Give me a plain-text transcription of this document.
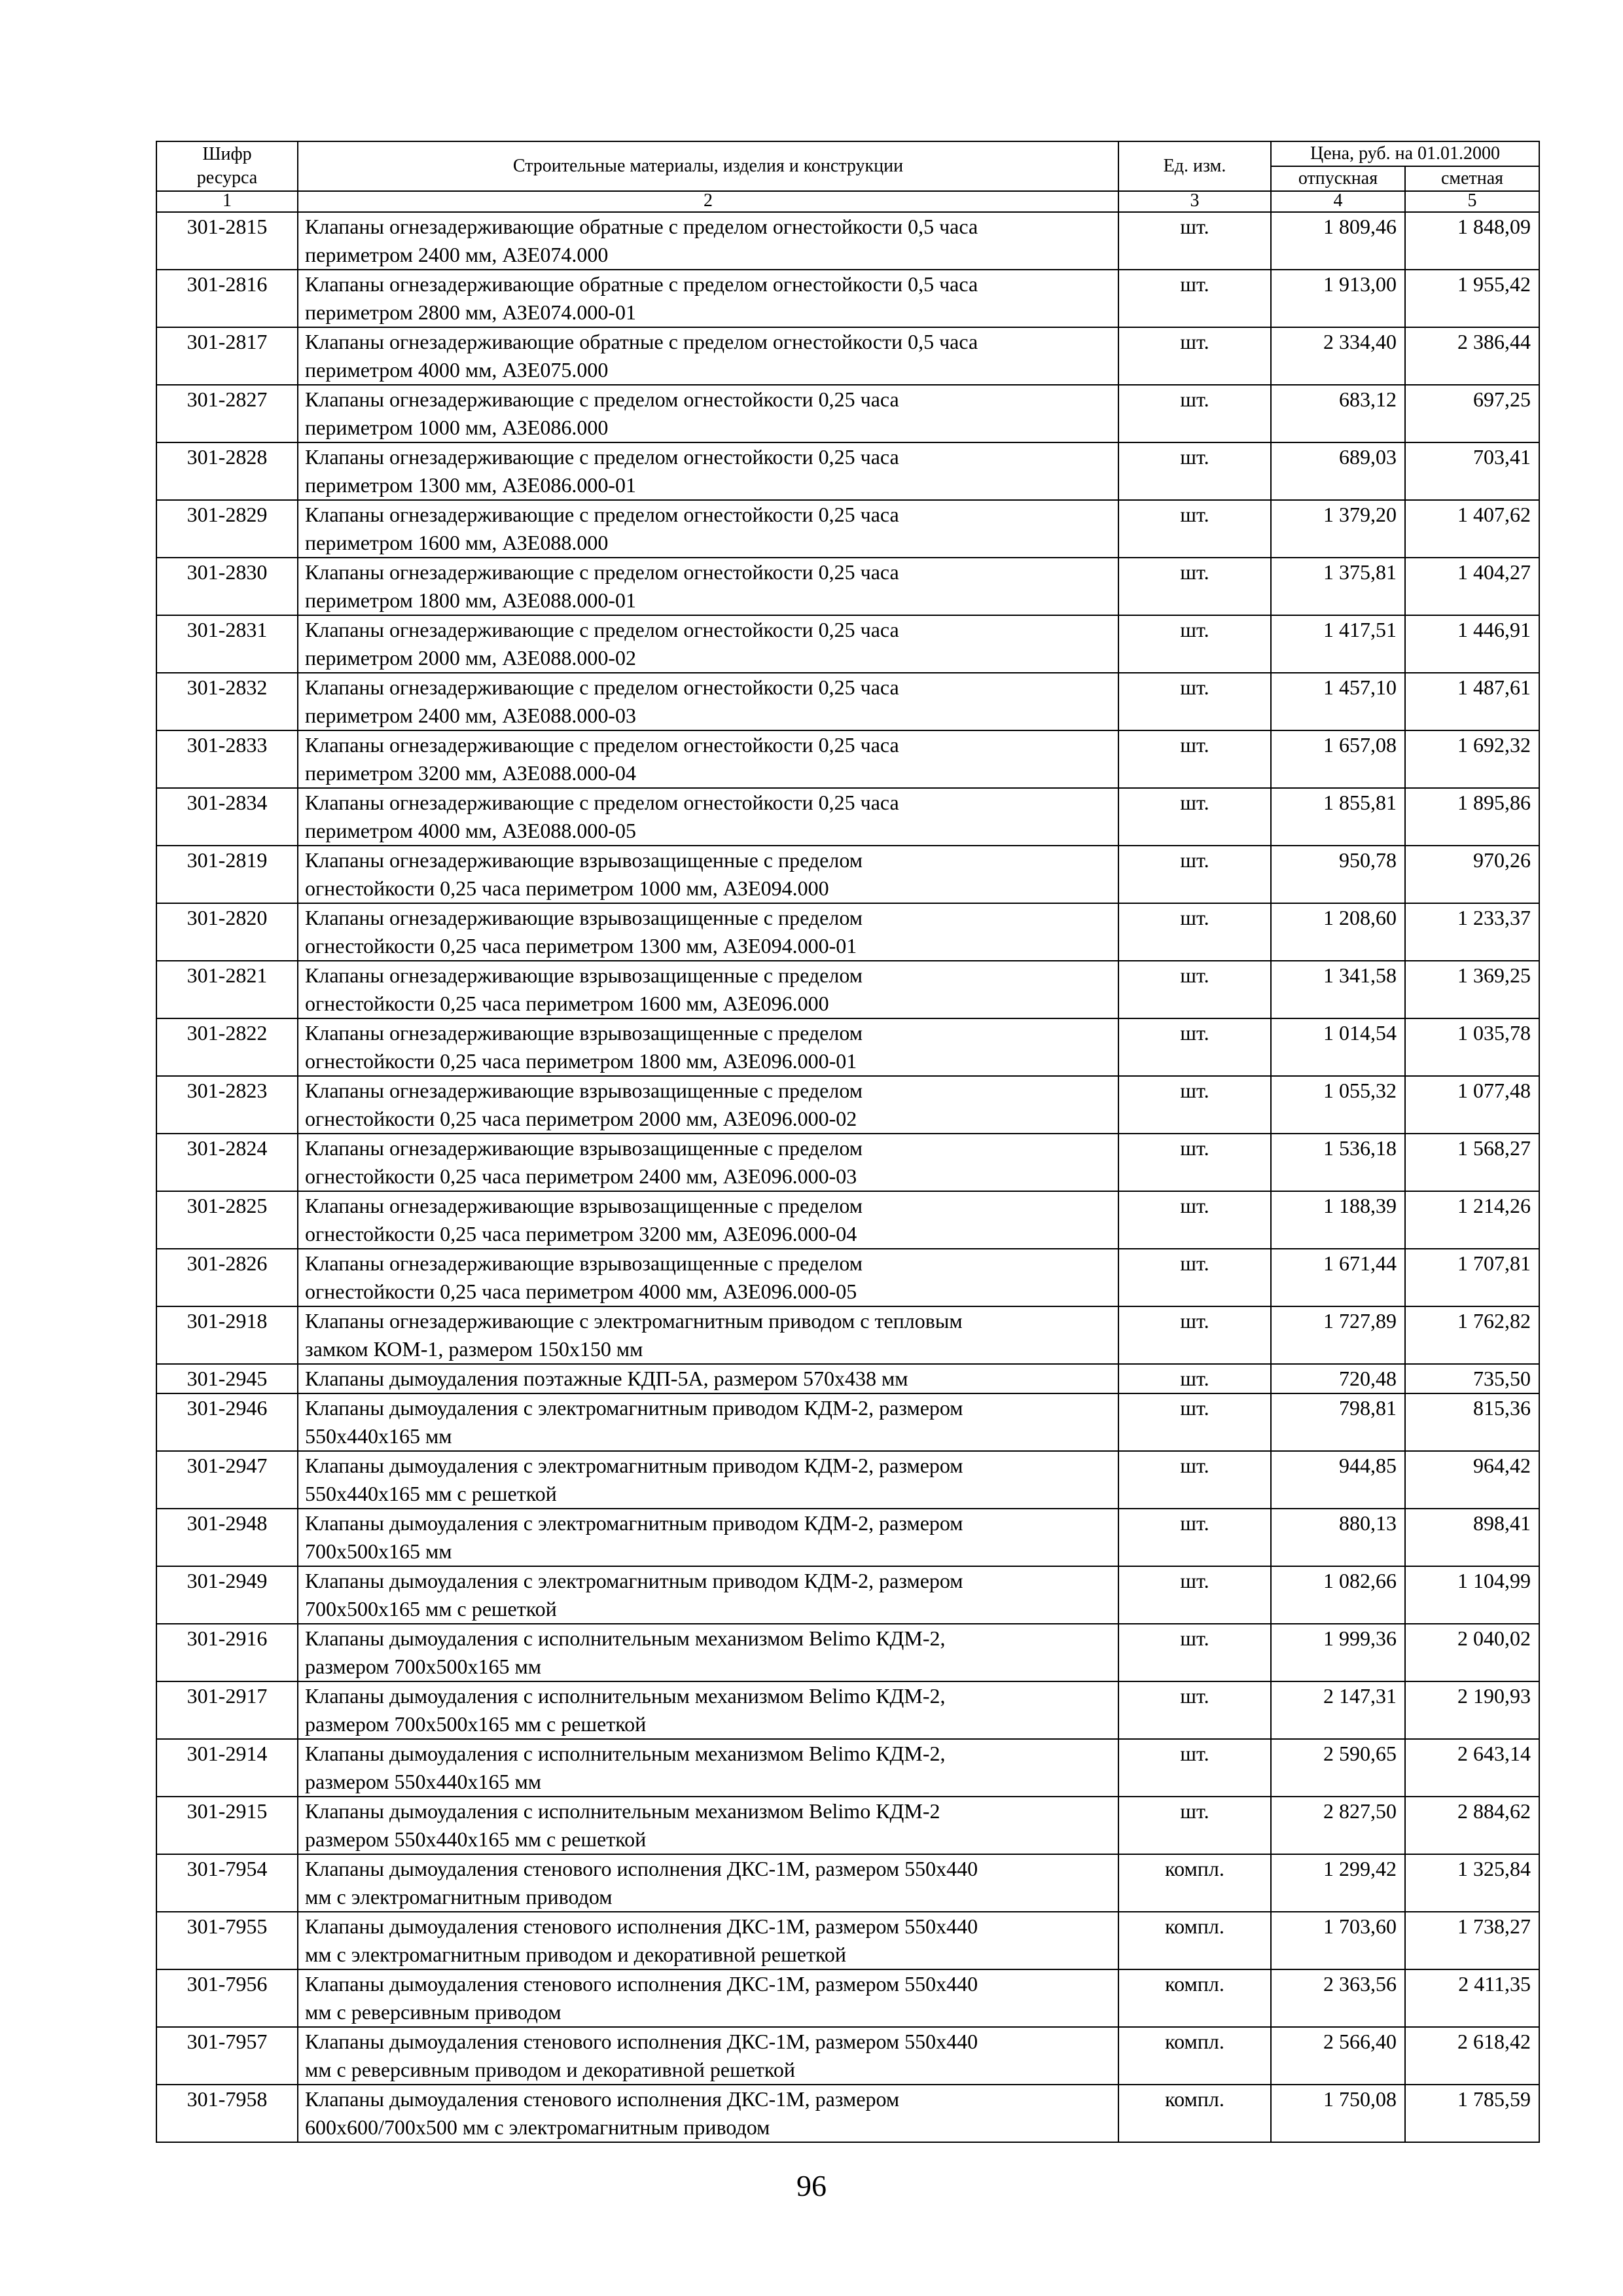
Шифр
ресурса	Строительные материалы, изделия и конструкции	Ед. изм.	Цена, руб. на 01.01.2000	
			отпускная	сметная
1	2	3	4	5
301-2815	Клапаны огнезадерживающие обратные с пределом огнестойкости 0,5 часа
периметром 2400 мм, АЗЕ074.000	шт.	1 809,46	1 848,09
301-2816	Клапаны огнезадерживающие обратные с пределом огнестойкости 0,5 часа
периметром 2800 мм, АЗЕ074.000-01	шт.	1 913,00	1 955,42
301-2817	Клапаны огнезадерживающие обратные с пределом огнестойкости 0,5 часа
периметром 4000 мм, АЗЕ075.000	шт.	2 334,40	2 386,44
301-2827	Клапаны огнезадерживающие с пределом огнестойкости 0,25 часа
периметром 1000 мм, АЗЕ086.000	шт.	683,12	697,25
301-2828	Клапаны огнезадерживающие с пределом огнестойкости 0,25 часа
периметром 1300 мм, АЗЕ086.000-01	шт.	689,03	703,41
301-2829	Клапаны огнезадерживающие с пределом огнестойкости 0,25 часа
периметром 1600 мм, АЗЕ088.000	шт.	1 379,20	1 407,62
301-2830	Клапаны огнезадерживающие с пределом огнестойкости 0,25 часа
периметром 1800 мм, АЗЕ088.000-01	шт.	1 375,81	1 404,27
301-2831	Клапаны огнезадерживающие с пределом огнестойкости 0,25 часа
периметром 2000 мм, АЗЕ088.000-02	шт.	1 417,51	1 446,91
301-2832	Клапаны огнезадерживающие с пределом огнестойкости 0,25 часа
периметром 2400 мм, АЗЕ088.000-03	шт.	1 457,10	1 487,61
301-2833	Клапаны огнезадерживающие с пределом огнестойкости 0,25 часа
периметром 3200 мм, АЗЕ088.000-04	шт.	1 657,08	1 692,32
301-2834	Клапаны огнезадерживающие с пределом огнестойкости 0,25 часа
периметром 4000 мм, АЗЕ088.000-05	шт.	1 855,81	1 895,86
301-2819	Клапаны огнезадерживающие взрывозащищенные с пределом
огнестойкости 0,25 часа периметром 1000 мм, АЗЕ094.000	шт.	950,78	970,26
301-2820	Клапаны огнезадерживающие взрывозащищенные с пределом
огнестойкости 0,25 часа периметром 1300 мм, АЗЕ094.000-01	шт.	1 208,60	1 233,37
301-2821	Клапаны огнезадерживающие взрывозащищенные с пределом
огнестойкости 0,25 часа периметром 1600 мм, АЗЕ096.000	шт.	1 341,58	1 369,25
301-2822	Клапаны огнезадерживающие взрывозащищенные с пределом
огнестойкости 0,25 часа периметром 1800 мм, АЗЕ096.000-01	шт.	1 014,54	1 035,78
301-2823	Клапаны огнезадерживающие взрывозащищенные с пределом
огнестойкости 0,25 часа периметром 2000 мм, АЗЕ096.000-02	шт.	1 055,32	1 077,48
301-2824	Клапаны огнезадерживающие взрывозащищенные с пределом
огнестойкости 0,25 часа периметром 2400 мм, АЗЕ096.000-03	шт.	1 536,18	1 568,27
301-2825	Клапаны огнезадерживающие взрывозащищенные с пределом
огнестойкости 0,25 часа периметром 3200 мм, АЗЕ096.000-04	шт.	1 188,39	1 214,26
301-2826	Клапаны огнезадерживающие взрывозащищенные с пределом
огнестойкости 0,25 часа периметром 4000 мм, АЗЕ096.000-05	шт.	1 671,44	1 707,81
301-2918	Клапаны огнезадерживающие с электромагнитным приводом с тепловым
замком КОМ-1, размером 150х150 мм	шт.	1 727,89	1 762,82
301-2945	Клапаны дымоудаления поэтажные КДП-5А, размером 570х438 мм	шт.	720,48	735,50
301-2946	Клапаны дымоудаления с электромагнитным приводом КДМ-2, размером
550х440х165 мм	шт.	798,81	815,36
301-2947	Клапаны дымоудаления с электромагнитным приводом КДМ-2, размером
550х440х165 мм с решеткой	шт.	944,85	964,42
301-2948	Клапаны дымоудаления с электромагнитным приводом КДМ-2, размером
700х500х165 мм	шт.	880,13	898,41
301-2949	Клапаны дымоудаления с электромагнитным приводом КДМ-2, размером
700х500х165 мм с решеткой	шт.	1 082,66	1 104,99
301-2916	Клапаны дымоудаления с исполнительным механизмом Belimo КДМ-2,
размером 700х500х165 мм	шт.	1 999,36	2 040,02
301-2917	Клапаны дымоудаления с исполнительным механизмом Belimo КДМ-2,
размером 700х500х165 мм с решеткой	шт.	2 147,31	2 190,93
301-2914	Клапаны дымоудаления с исполнительным механизмом Belimo КДМ-2,
размером 550х440х165 мм	шт.	2 590,65	2 643,14
301-2915	Клапаны дымоудаления с исполнительным механизмом Belimo КДМ-2
размером 550х440х165 мм с решеткой	шт.	2 827,50	2 884,62
301-7954	Клапаны дымоудаления стенового исполнения ДКС-1М, размером 550х440
мм с электромагнитным приводом	компл.	1 299,42	1 325,84
301-7955	Клапаны дымоудаления стенового исполнения ДКС-1М, размером 550х440
мм с электромагнитным приводом и декоративной решеткой	компл.	1 703,60	1 738,27
301-7956	Клапаны дымоудаления стенового исполнения ДКС-1М, размером 550х440
мм с реверсивным приводом	компл.	2 363,56	2 411,35
301-7957	Клапаны дымоудаления стенового исполнения ДКС-1М, размером 550х440
мм с реверсивным приводом и декоративной решеткой	компл.	2 566,40	2 618,42
301-7958	Клапаны дымоудаления стенового исполнения ДКС-1М, размером
600х600/700х500 мм с электромагнитным приводом	компл.	1 750,08	1 785,59
96
